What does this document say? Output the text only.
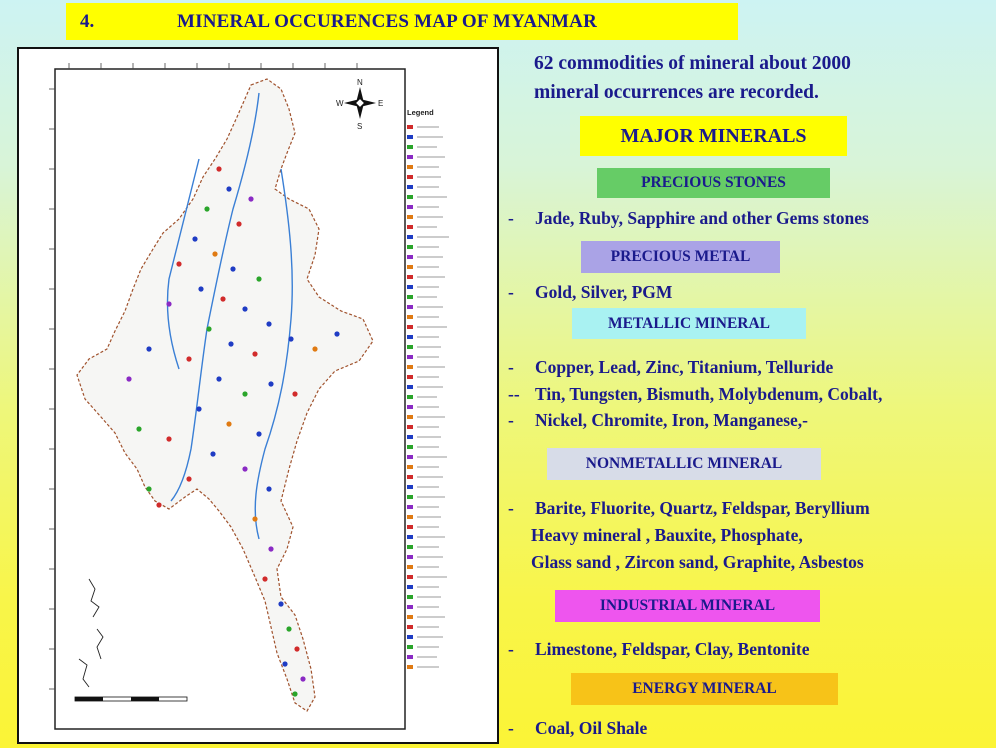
4.	MINERAL OCCURENCES MAP OF MYANMAR
N
S
E
W
Legend
62 commodities of mineral about 2000
mineral occurrences are recorded.
MAJOR MINERALS
PRECIOUS STONES
- Jade, Ruby, Sapphire and other Gems stones
PRECIOUS METAL
- Gold, Silver, PGM
METALLIC MINERAL
- Copper, Lead, Zinc, Titanium, Telluride
-- Tin, Tungsten, Bismuth, Molybdenum, Cobalt,
- Nickel, Chromite, Iron, Manganese,-
NONMETALLIC MINERAL
- Barite, Fluorite, Quartz, Feldspar, Beryllium
Heavy mineral , Bauxite, Phosphate,
Glass sand , Zircon sand, Graphite, Asbestos
INDUSTRIAL MINERAL
- Limestone, Feldspar, Clay, Bentonite
ENERGY MINERAL
- Coal, Oil Shale
